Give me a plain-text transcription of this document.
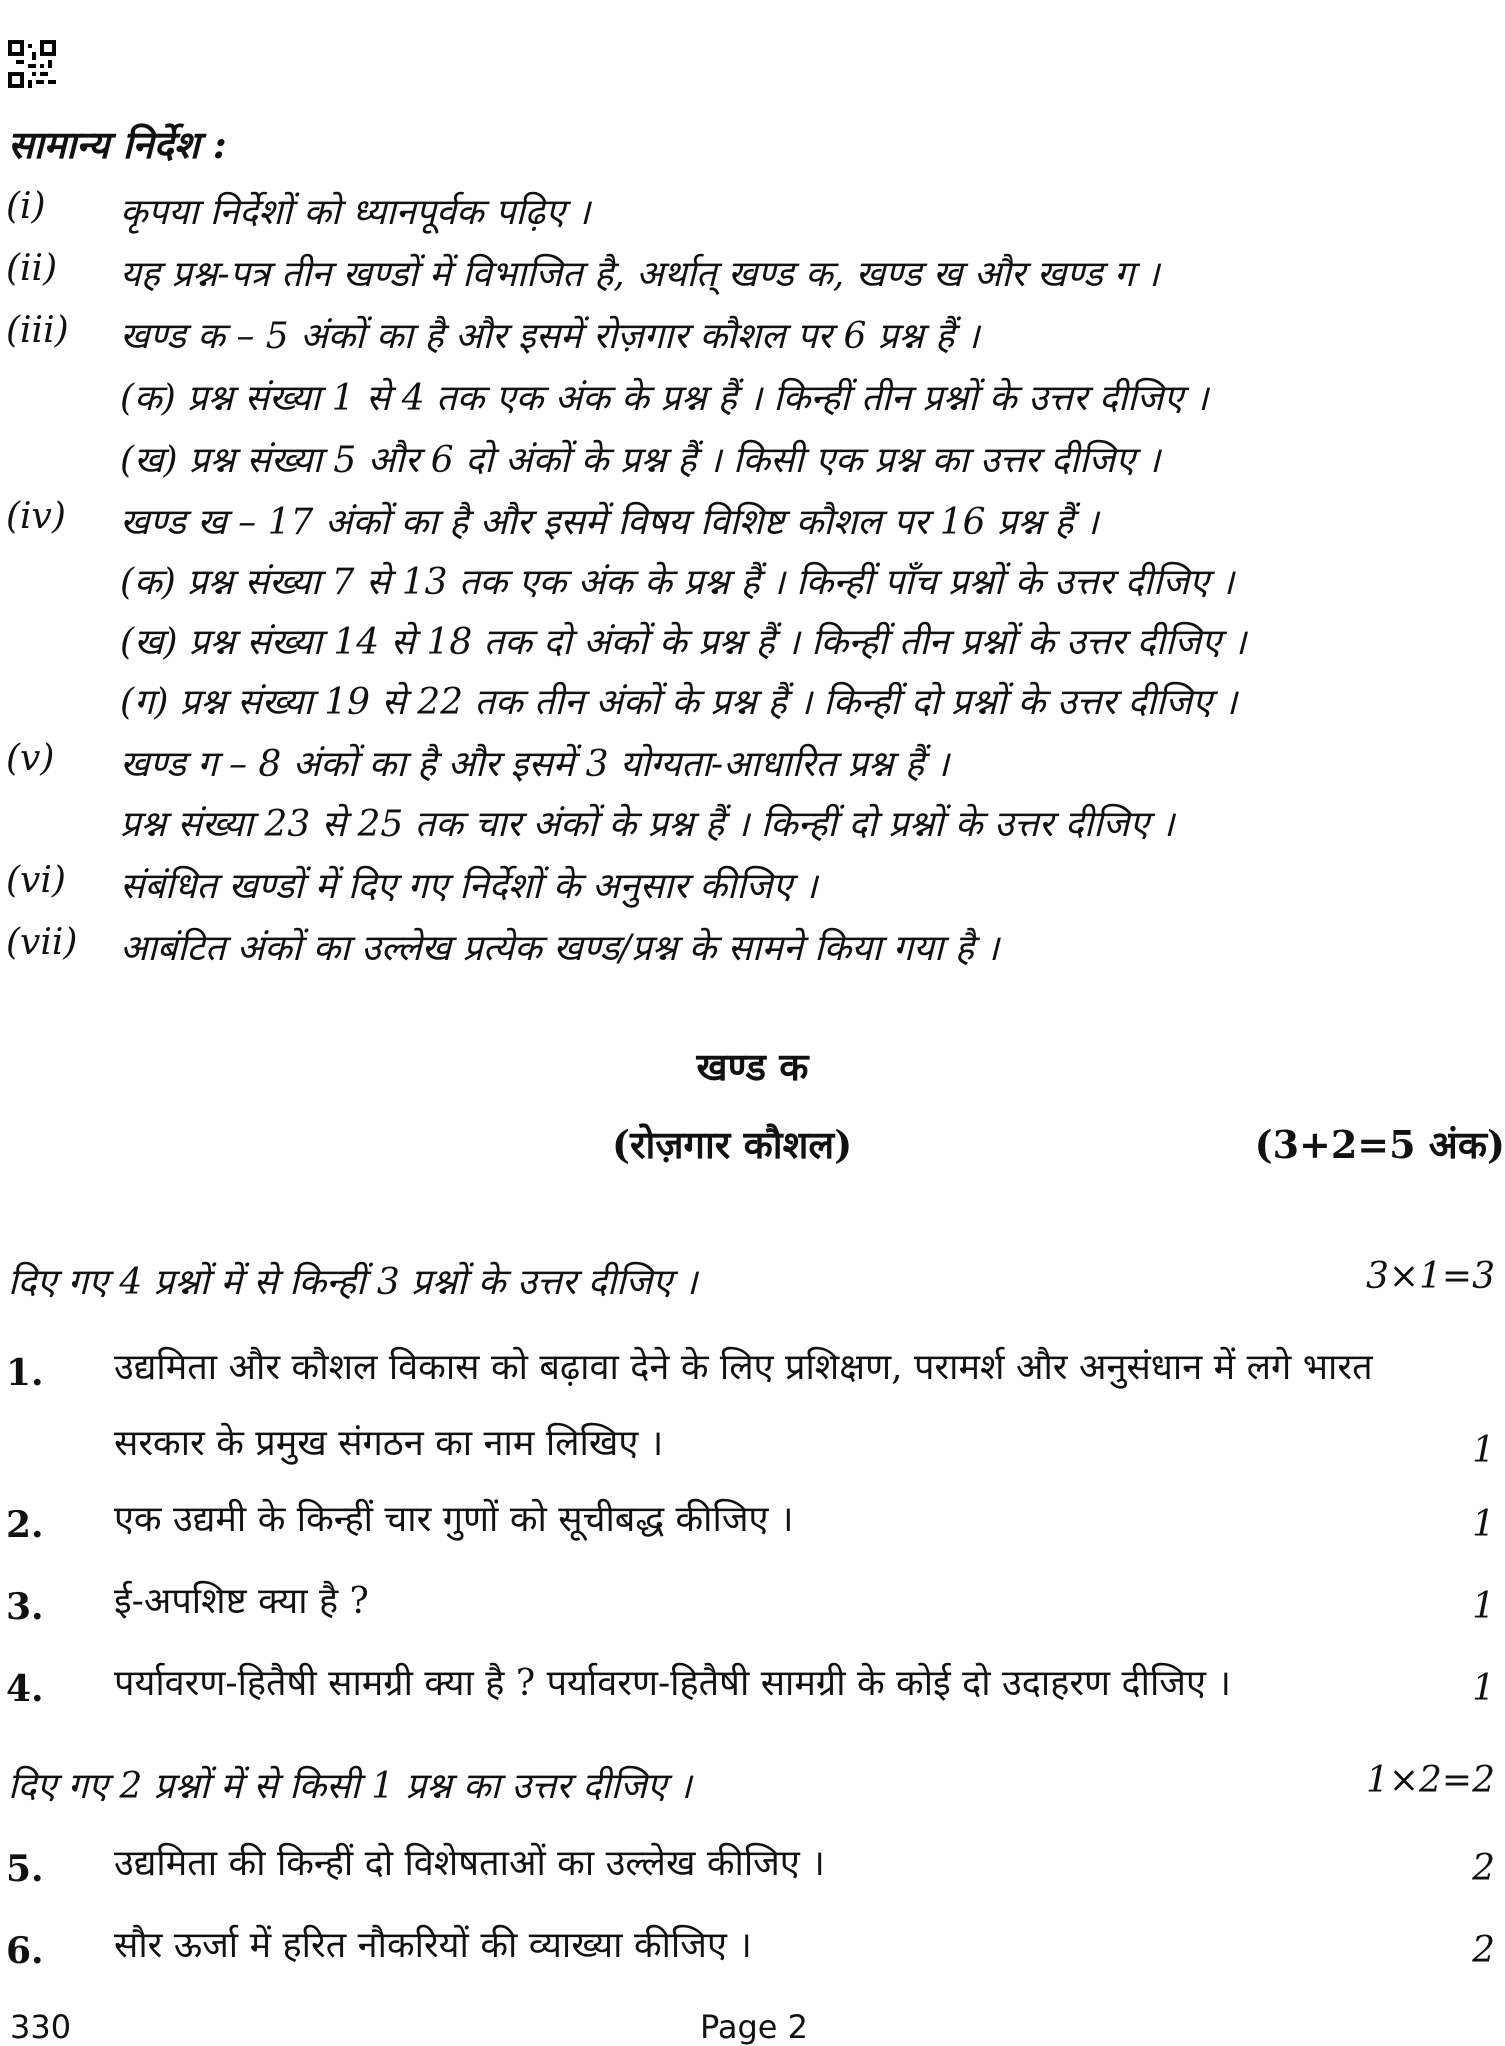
सामान्य निर्देश :
(i) कृपया निर्देशों को ध्यानपूर्वक पढ़िए ।
(ii) यह प्रश्न-पत्र तीन खण्डों में विभाजित है, अर्थात् खण्ड क, खण्ड ख और खण्ड ग ।
(iii) खण्ड क – 5 अंकों का है और इसमें रोज़गार कौशल पर 6 प्रश्न हैं ।
(क) प्रश्न संख्या 1 से 4 तक एक अंक के प्रश्न हैं । किन्हीं तीन प्रश्नों के उत्तर दीजिए ।
(ख) प्रश्न संख्या 5 और 6 दो अंकों के प्रश्न हैं । किसी एक प्रश्न का उत्तर दीजिए ।
(iv) खण्ड ख – 17 अंकों का है और इसमें विषय विशिष्ट कौशल पर 16 प्रश्न हैं ।
(क) प्रश्न संख्या 7 से 13 तक एक अंक के प्रश्न हैं । किन्हीं पाँच प्रश्नों के उत्तर दीजिए ।
(ख) प्रश्न संख्या 14 से 18 तक दो अंकों के प्रश्न हैं । किन्हीं तीन प्रश्नों के उत्तर दीजिए ।
(ग) प्रश्न संख्या 19 से 22 तक तीन अंकों के प्रश्न हैं । किन्हीं दो प्रश्नों के उत्तर दीजिए ।
(v) खण्ड ग – 8 अंकों का है और इसमें 3 योग्यता-आधारित प्रश्न हैं ।
प्रश्न संख्या 23 से 25 तक चार अंकों के प्रश्न हैं । किन्हीं दो प्रश्नों के उत्तर दीजिए ।
(vi) संबंधित खण्डों में दिए गए निर्देशों के अनुसार कीजिए ।
(vii) आबंटित अंकों का उल्लेख प्रत्येक खण्ड/प्रश्न के सामने किया गया है ।
खण्ड क
(रोज़गार कौशल)	(3+2=5 अंक)
दिए गए 4 प्रश्नों में से किन्हीं 3 प्रश्नों के उत्तर दीजिए ।	3×1=3
1. उद्यमिता और कौशल विकास को बढ़ावा देने के लिए प्रशिक्षण, परामर्श और अनुसंधान में लगे भारत सरकार के प्रमुख संगठन का नाम लिखिए ।	1
2. एक उद्यमी के किन्हीं चार गुणों को सूचीबद्ध कीजिए ।	1
3. ई-अपशिष्ट क्या है ?	1
4. पर्यावरण-हितैषी सामग्री क्या है ? पर्यावरण-हितैषी सामग्री के कोई दो उदाहरण दीजिए ।	1
दिए गए 2 प्रश्नों में से किसी 1 प्रश्न का उत्तर दीजिए ।	1×2=2
5. उद्यमिता की किन्हीं दो विशेषताओं का उल्लेख कीजिए ।	2
6. सौर ऊर्जा में हरित नौकरियों की व्याख्या कीजिए ।	2
330	Page 2
